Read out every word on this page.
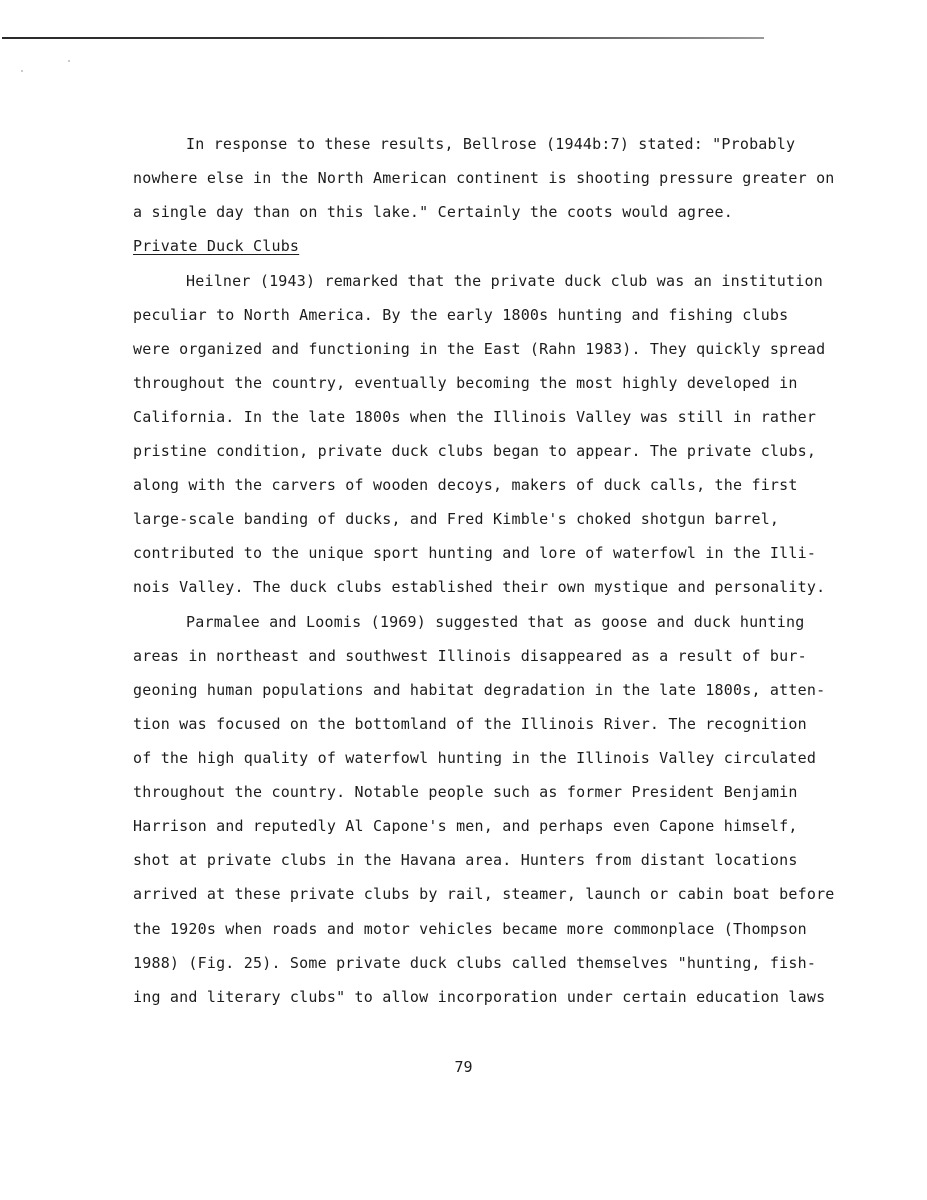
In response to these results, Bellrose (1944b:7) stated: "Probably
nowhere else in the North American continent is shooting pressure greater on
a single day than on this lake." Certainly the coots would agree.
Private Duck Clubs
Heilner (1943) remarked that the private duck club was an institution
peculiar to North America. By the early 1800s hunting and fishing clubs
were organized and functioning in the East (Rahn 1983). They quickly spread
throughout the country, eventually becoming the most highly developed in
California. In the late 1800s when the Illinois Valley was still in rather
pristine condition, private duck clubs began to appear. The private clubs,
along with the carvers of wooden decoys, makers of duck calls, the first
large-scale banding of ducks, and Fred Kimble's choked shotgun barrel,
contributed to the unique sport hunting and lore of waterfowl in the Illi-
nois Valley. The duck clubs established their own mystique and personality.
Parmalee and Loomis (1969) suggested that as goose and duck hunting
areas in northeast and southwest Illinois disappeared as a result of bur-
geoning human populations and habitat degradation in the late 1800s, atten-
tion was focused on the bottomland of the Illinois River. The recognition
of the high quality of waterfowl hunting in the Illinois Valley circulated
throughout the country. Notable people such as former President Benjamin
Harrison and reputedly Al Capone's men, and perhaps even Capone himself,
shot at private clubs in the Havana area. Hunters from distant locations
arrived at these private clubs by rail, steamer, launch or cabin boat before
the 1920s when roads and motor vehicles became more commonplace (Thompson
1988) (Fig. 25). Some private duck clubs called themselves "hunting, fish-
ing and literary clubs" to allow incorporation under certain education laws
79
